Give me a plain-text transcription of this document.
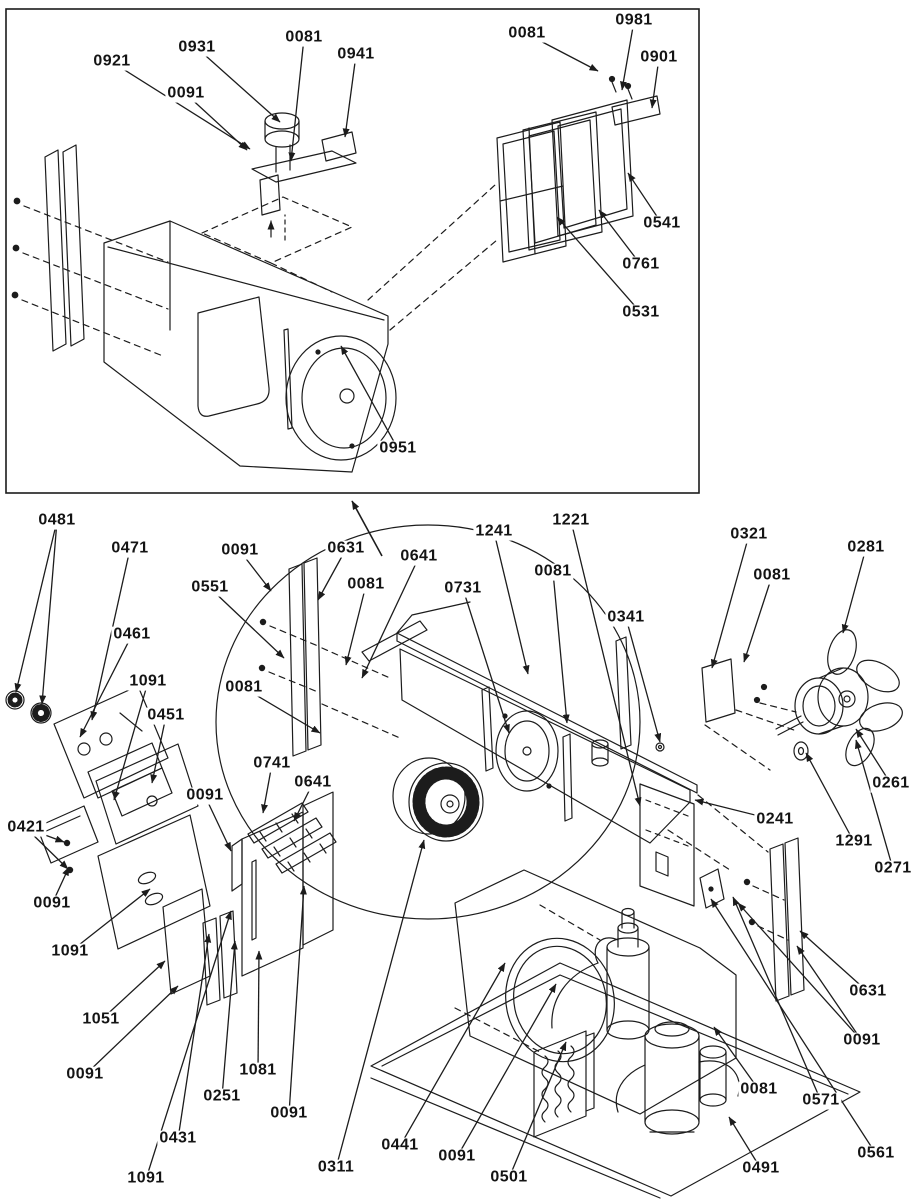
0921
0931
0081
0941
0091
0081
0981
0901
0541
0761
0531
0951
0481
0471	0091	0631
0551	0081
0641
0731
1241
1221
0081
0341
0321
0081
0281
0461
1091
0451
0081
0421
0091
1091
0091
0741
0641	0261
1291
0271
0241
1051
0091
0431
1091
0251
1081
0091
0311
0441
0091
0501
0491
0081
0571
0561
0631
0091
